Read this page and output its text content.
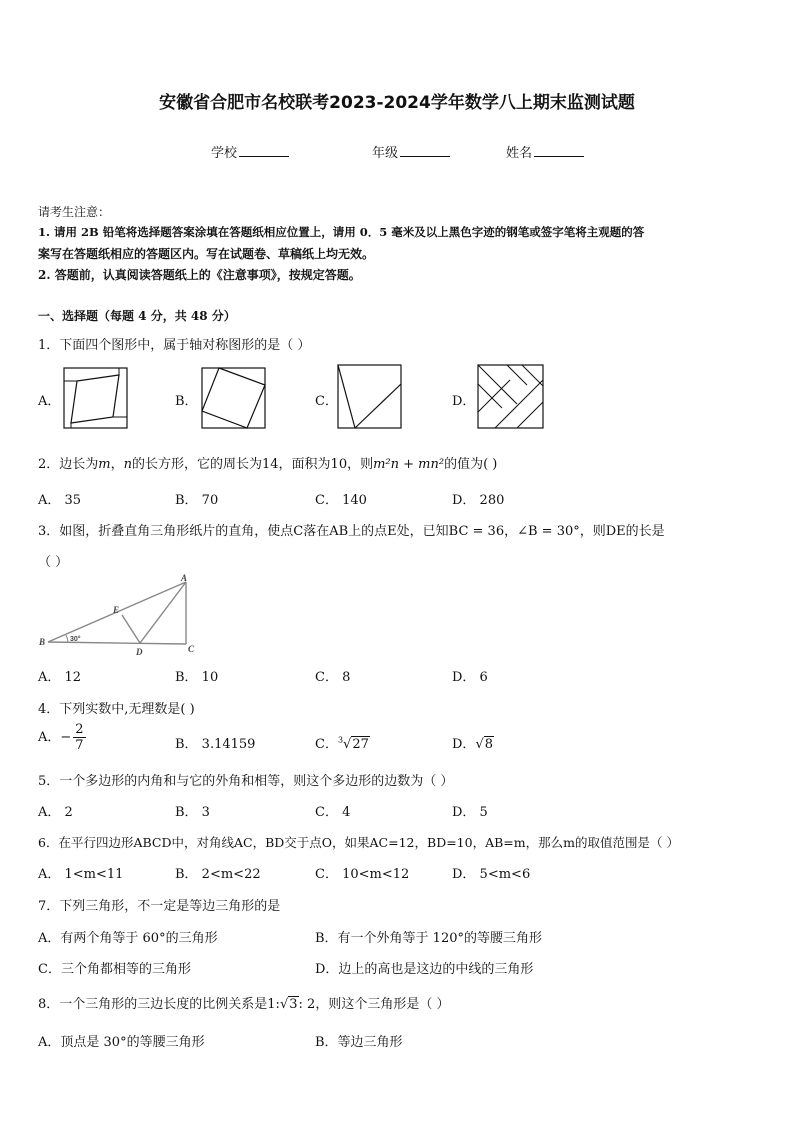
安徽省合肥市名校联考2023-2024学年数学八上期末监测试题
学校	年级	姓名
请考生注意：
1. 请用 2B 铅笔将选择题答案涂填在答题纸相应位置上，请用 0．5 毫米及以上黑色字迹的钢笔或签字笔将主观题的答
案写在答题纸相应的答题区内。写在试题卷、草稿纸上均无效。
2. 答题前，认真阅读答题纸上的《注意事项》，按规定答题。
一、选择题（每题 4 分，共 48 分）
1．下面四个图形中，属于轴对称图形的是（ ）
A．	B．	C．	D．
2．边长为m，n的长方形，它的周长为14，面积为10，则m²n + mn²的值为( )
A． 35	B． 70	C． 140	D． 280
3．如图，折叠直角三角形纸片的直角，使点C落在AB上的点E处，已知BC = 36，∠B = 30°，则DE的长是
（ ）
A
B
C
D
E
30°
A． 12	B． 10	C． 8	D． 6
4．下列实数中,无理数是( )
A．− $\frac{2}{7}$	B． 3.14159	C．$^3$√27	D．√8
5．一个多边形的内角和与它的外角和相等，则这个多边形的边数为（ ）
A． 2	B． 3	C． 4	D． 5
6．在平行四边形ABCD中，对角线AC，BD交于点O，如果AC=12，BD=10，AB=m，那么m的取值范围是（ ）
A． 1<m<11	B． 2<m<22	C． 10<m<12	D． 5<m<6
7．下列三角形，不一定是等边三角形的是
A．有两个角等于 60°的三角形	B．有一个外角等于 120°的等腰三角形
C．三个角都相等的三角形	D．边上的高也是这边的中线的三角形
8．一个三角形的三边长度的比例关系是1:√3: 2，则这个三角形是（ ）
A．顶点是 30°的等腰三角形	B．等边三角形
